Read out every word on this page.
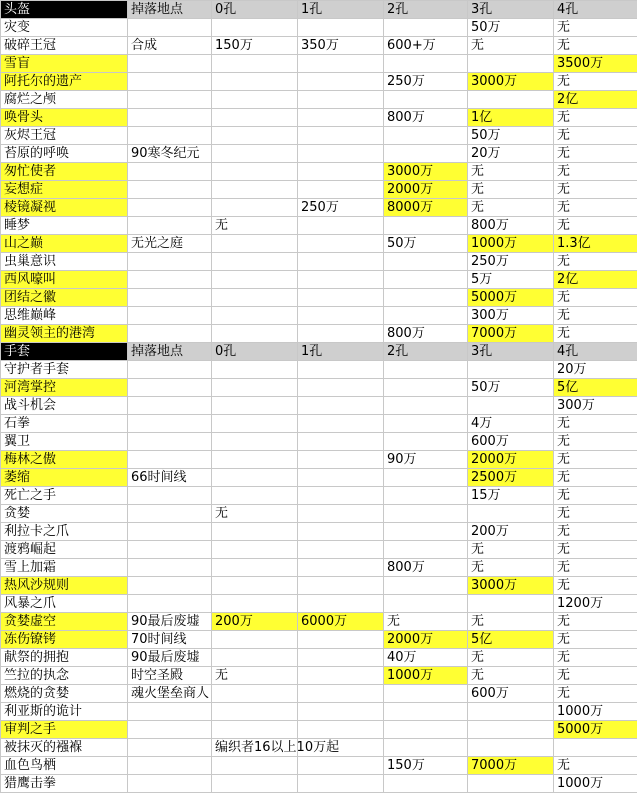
头盔	掉落地点	0孔	1孔	2孔	3孔	4孔
灾变					50万	无
破碎王冠	合成	150万	350万	600+万	无	无
雪盲						3500万
阿托尔的遗产				250万	3000万	无
腐烂之颅						2亿
唤骨头				800万	1亿	无
灰烬王冠					50万	无
苔原的呼唤	90寒冬纪元				20万	无
匆忙使者				3000万	无	无
妄想症				2000万	无	无
棱镜凝视			250万	8000万	无	无
睡梦		无			800万	无
山之巅	无光之庭			50万	1000万	1.3亿
虫巢意识					250万	无
西风嚎叫					5万	2亿
团结之徽					5000万	无
思维巅峰					300万	无
幽灵领主的港湾				800万	7000万	无
手套	掉落地点	0孔	1孔	2孔	3孔	4孔
守护者手套						20万
河湾掌控					50万	5亿
战斗机会						300万
石拳					4万	无
翼卫					600万	无
梅林之傲				90万	2000万	无
萎缩	66时间线				2500万	无
死亡之手					15万	无
贪婪		无				无
利拉卡之爪					200万	无
渡鸦崛起					无	无
雪上加霜				800万	无	无
热风沙规则					3000万	无
风暴之爪						1200万
贪婪虚空	90最后废墟	200万	6000万	无	无	无
冻伤镣铐	70时间线			2000万	5亿	无
献祭的拥抱	90最后废墟			40万	无	无
竺拉的执念	时空圣殿	无		1000万	无	无
燃烧的贪婪	魂火堡垒商人				600万	无
利亚斯的诡计						1000万
审判之手						5000万
被抹灭的襁褓		编织者16以上10万起				
血色鸟栖				150万	7000万	无
猎鹰击拳						1000万
